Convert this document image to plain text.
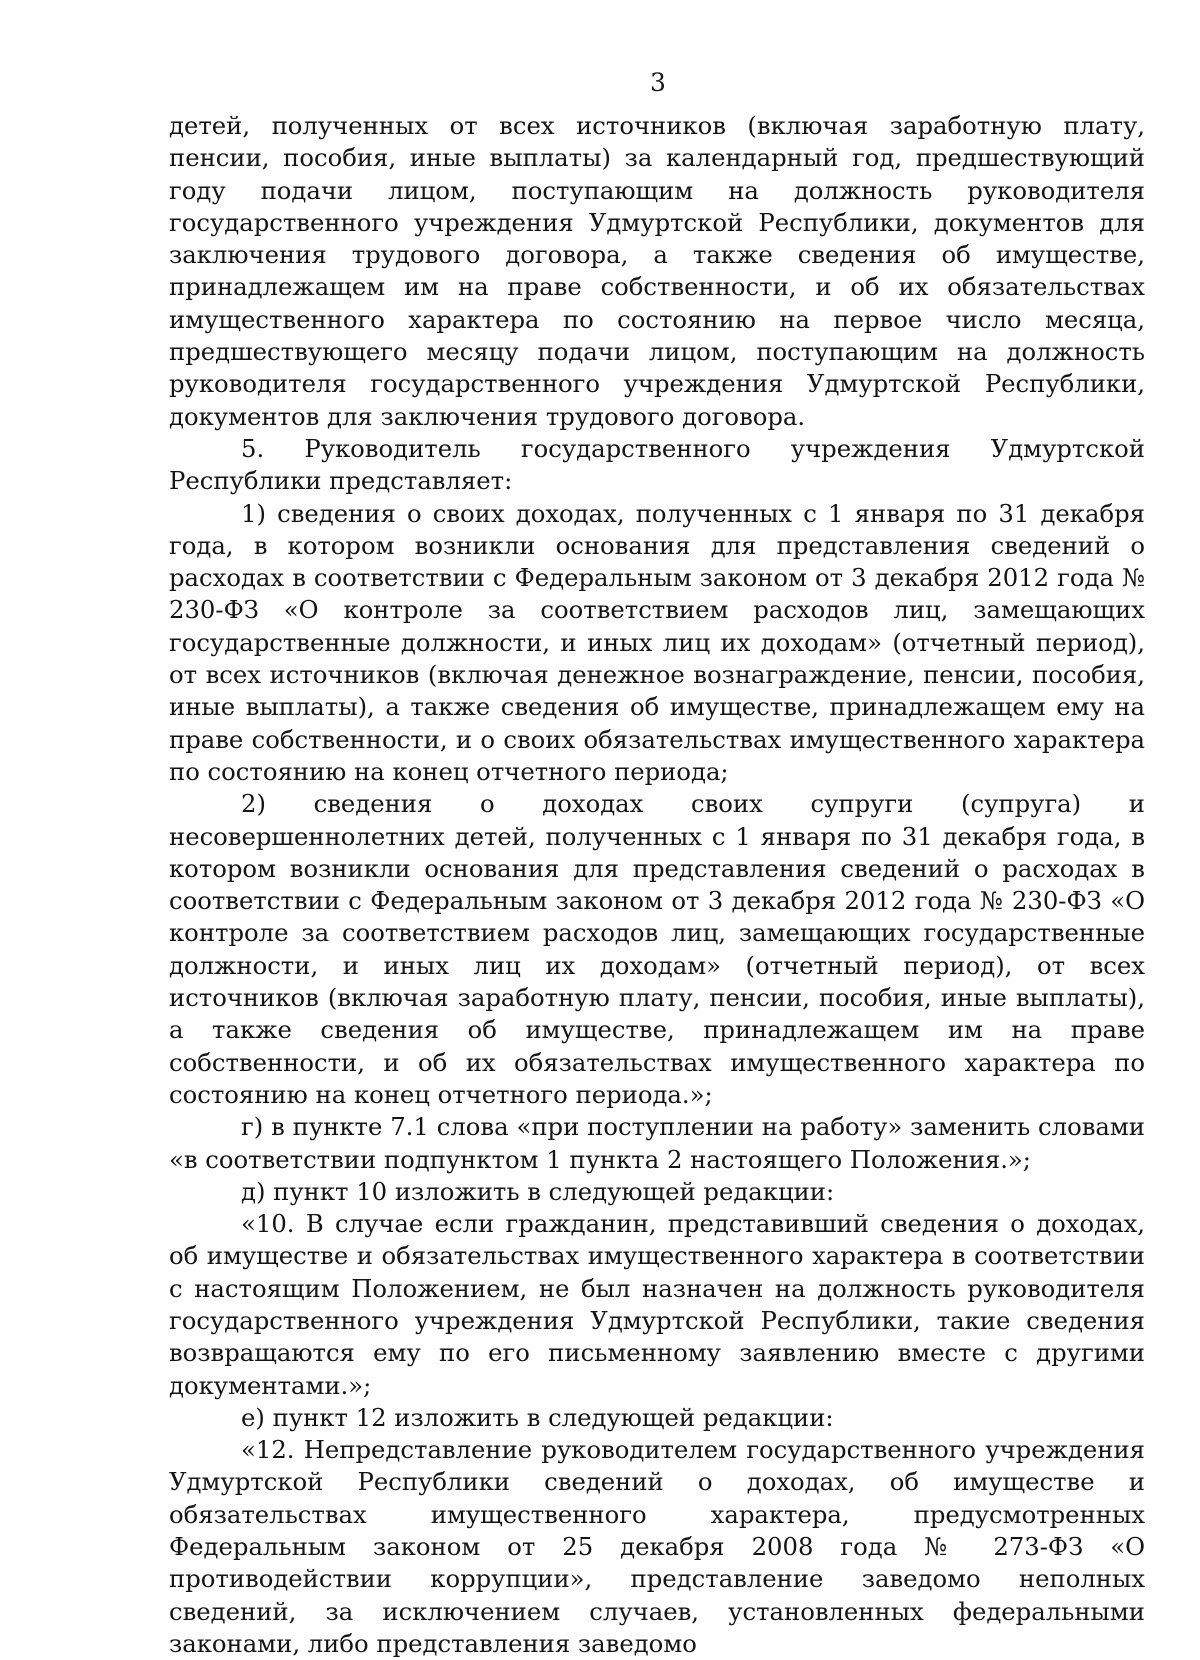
3

детей, полученных от всех источников (включая заработную плату, пенсии, пособия, иные выплаты) за календарный год, предшествующий году подачи лицом, поступающим на должность руководителя государственного учреждения Удмуртской Республики, документов для заключения трудового договора, а также сведения об имуществе, принадлежащем им на праве собственности, и об их обязательствах имущественного характера по состоянию на первое число месяца, предшествующего месяцу подачи лицом, поступающим на должность руководителя государственного учреждения Удмуртской Республики, документов для заключения трудового договора.

5. Руководитель государственного учреждения Удмуртской Республики представляет:

1) сведения о своих доходах, полученных с 1 января по 31 декабря года, в котором возникли основания для представления сведений о расходах в соответствии с Федеральным законом от 3 декабря 2012 года № 230-ФЗ «О контроле за соответствием расходов лиц, замещающих государственные должности, и иных лиц их доходам» (отчетный период), от всех источников (включая денежное вознаграждение, пенсии, пособия, иные выплаты), а также сведения об имуществе, принадлежащем ему на праве собственности, и о своих обязательствах имущественного характера по состоянию на конец отчетного периода;

2) сведения о доходах своих супруги (супруга) и несовершеннолетних детей, полученных с 1 января по 31 декабря года, в котором возникли основания для представления сведений о расходах в соответствии с Федеральным законом от 3 декабря 2012 года № 230-ФЗ «О контроле за соответствием расходов лиц, замещающих государственные должности, и иных лиц их доходам» (отчетный период), от всех источников (включая заработную плату, пенсии, пособия, иные выплаты), а также сведения об имуществе, принадлежащем им на праве собственности, и об их обязательствах имущественного характера по состоянию на конец отчетного периода.»;

г) в пункте 7.1 слова «при поступлении на работу» заменить словами «в соответствии подпунктом 1 пункта 2 настоящего Положения.»;

д) пункт 10 изложить в следующей редакции:

«10. В случае если гражданин, представивший сведения о доходах, об имуществе и обязательствах имущественного характера в соответствии с настоящим Положением, не был назначен на должность руководителя государственного учреждения Удмуртской Республики, такие сведения возвращаются ему по его письменному заявлению вместе с другими документами.»;

е) пункт 12 изложить в следующей редакции:

«12. Непредставление руководителем государственного учреждения Удмуртской Республики сведений о доходах, об имуществе и обязательствах имущественного характера, предусмотренных Федеральным законом от 25 декабря 2008 года № 273-ФЗ «О противодействии коррупции», представление заведомо неполных сведений, за исключением случаев, установленных федеральными законами, либо представления заведомо
